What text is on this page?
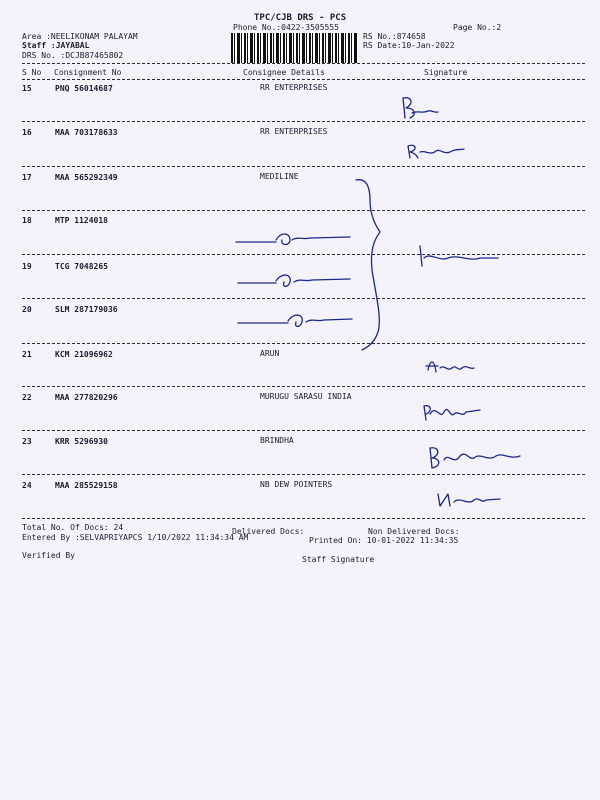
TPC/CJB DRS - PCS
Phone No.:0422-3505555	Page No.:2
Area :NEELIKONAM PALAYAM
Staff :JAYABAL
DRS No. :DCJB87465802
RS No.:874658
RS Date:10-Jan-2022
S No Consignment No	Consignee Details	Signature
15	PNQ 56014687	RR ENTERPRISES
16	MAA 703178633	RR ENTERPRISES
17	MAA 565292349	MEDILINE
18	MTP 1124018
19	TCG 7048265
20	SLM 287179036
21	KCM 21096962	ARUN
22	MAA 277820296	MURUGU SARASU INDIA
23	KRR 5296930	BRINDHA
24	MAA 285529158	NB DEW POINTERS
Total No. Of Docs: 24	Delivered Docs:	Non Delivered Docs:
Entered By :SELVAPRIYAPCS 1/10/2022 11:34:34 AM	Printed On: 10-01-2022 11:34:35
Verified By	Staff Signature
